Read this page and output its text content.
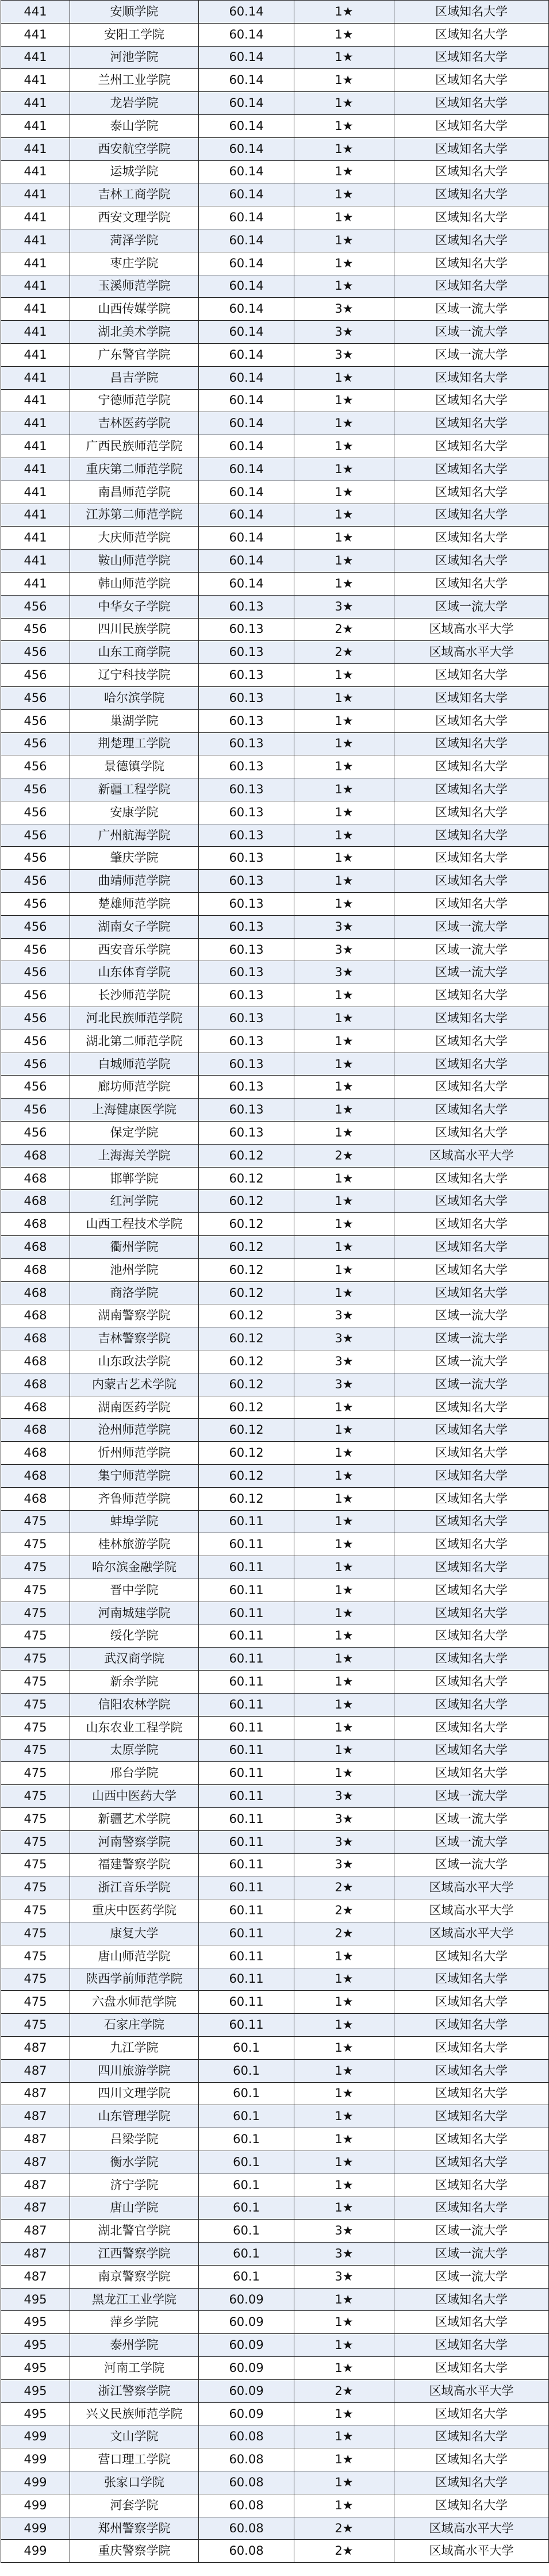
441	安顺学院	60.14	1★	区域知名大学
441	安阳工学院	60.14	1★	区域知名大学
441	河池学院	60.14	1★	区域知名大学
441	兰州工业学院	60.14	1★	区域知名大学
441	龙岩学院	60.14	1★	区域知名大学
441	泰山学院	60.14	1★	区域知名大学
441	西安航空学院	60.14	1★	区域知名大学
441	运城学院	60.14	1★	区域知名大学
441	吉林工商学院	60.14	1★	区域知名大学
441	西安文理学院	60.14	1★	区域知名大学
441	菏泽学院	60.14	1★	区域知名大学
441	枣庄学院	60.14	1★	区域知名大学
441	玉溪师范学院	60.14	1★	区域知名大学
441	山西传媒学院	60.14	3★	区域一流大学
441	湖北美术学院	60.14	3★	区域一流大学
441	广东警官学院	60.14	3★	区域一流大学
441	昌吉学院	60.14	1★	区域知名大学
441	宁德师范学院	60.14	1★	区域知名大学
441	吉林医药学院	60.14	1★	区域知名大学
441	广西民族师范学院	60.14	1★	区域知名大学
441	重庆第二师范学院	60.14	1★	区域知名大学
441	南昌师范学院	60.14	1★	区域知名大学
441	江苏第二师范学院	60.14	1★	区域知名大学
441	大庆师范学院	60.14	1★	区域知名大学
441	鞍山师范学院	60.14	1★	区域知名大学
441	韩山师范学院	60.14	1★	区域知名大学
456	中华女子学院	60.13	3★	区域一流大学
456	四川民族学院	60.13	2★	区域高水平大学
456	山东工商学院	60.13	2★	区域高水平大学
456	辽宁科技学院	60.13	1★	区域知名大学
456	哈尔滨学院	60.13	1★	区域知名大学
456	巢湖学院	60.13	1★	区域知名大学
456	荆楚理工学院	60.13	1★	区域知名大学
456	景德镇学院	60.13	1★	区域知名大学
456	新疆工程学院	60.13	1★	区域知名大学
456	安康学院	60.13	1★	区域知名大学
456	广州航海学院	60.13	1★	区域知名大学
456	肇庆学院	60.13	1★	区域知名大学
456	曲靖师范学院	60.13	1★	区域知名大学
456	楚雄师范学院	60.13	1★	区域知名大学
456	湖南女子学院	60.13	3★	区域一流大学
456	西安音乐学院	60.13	3★	区域一流大学
456	山东体育学院	60.13	3★	区域一流大学
456	长沙师范学院	60.13	1★	区域知名大学
456	河北民族师范学院	60.13	1★	区域知名大学
456	湖北第二师范学院	60.13	1★	区域知名大学
456	白城师范学院	60.13	1★	区域知名大学
456	廊坊师范学院	60.13	1★	区域知名大学
456	上海健康医学院	60.13	1★	区域知名大学
456	保定学院	60.13	1★	区域知名大学
468	上海海关学院	60.12	2★	区域高水平大学
468	邯郸学院	60.12	1★	区域知名大学
468	红河学院	60.12	1★	区域知名大学
468	山西工程技术学院	60.12	1★	区域知名大学
468	衢州学院	60.12	1★	区域知名大学
468	池州学院	60.12	1★	区域知名大学
468	商洛学院	60.12	1★	区域知名大学
468	湖南警察学院	60.12	3★	区域一流大学
468	吉林警察学院	60.12	3★	区域一流大学
468	山东政法学院	60.12	3★	区域一流大学
468	内蒙古艺术学院	60.12	3★	区域一流大学
468	湖南医药学院	60.12	1★	区域知名大学
468	沧州师范学院	60.12	1★	区域知名大学
468	忻州师范学院	60.12	1★	区域知名大学
468	集宁师范学院	60.12	1★	区域知名大学
468	齐鲁师范学院	60.12	1★	区域知名大学
475	蚌埠学院	60.11	1★	区域知名大学
475	桂林旅游学院	60.11	1★	区域知名大学
475	哈尔滨金融学院	60.11	1★	区域知名大学
475	晋中学院	60.11	1★	区域知名大学
475	河南城建学院	60.11	1★	区域知名大学
475	绥化学院	60.11	1★	区域知名大学
475	武汉商学院	60.11	1★	区域知名大学
475	新余学院	60.11	1★	区域知名大学
475	信阳农林学院	60.11	1★	区域知名大学
475	山东农业工程学院	60.11	1★	区域知名大学
475	太原学院	60.11	1★	区域知名大学
475	邢台学院	60.11	1★	区域知名大学
475	山西中医药大学	60.11	3★	区域一流大学
475	新疆艺术学院	60.11	3★	区域一流大学
475	河南警察学院	60.11	3★	区域一流大学
475	福建警察学院	60.11	3★	区域一流大学
475	浙江音乐学院	60.11	2★	区域高水平大学
475	重庆中医药学院	60.11	2★	区域高水平大学
475	康复大学	60.11	2★	区域高水平大学
475	唐山师范学院	60.11	1★	区域知名大学
475	陕西学前师范学院	60.11	1★	区域知名大学
475	六盘水师范学院	60.11	1★	区域知名大学
475	石家庄学院	60.11	1★	区域知名大学
487	九江学院	60.1	1★	区域知名大学
487	四川旅游学院	60.1	1★	区域知名大学
487	四川文理学院	60.1	1★	区域知名大学
487	山东管理学院	60.1	1★	区域知名大学
487	吕梁学院	60.1	1★	区域知名大学
487	衡水学院	60.1	1★	区域知名大学
487	济宁学院	60.1	1★	区域知名大学
487	唐山学院	60.1	1★	区域知名大学
487	湖北警官学院	60.1	3★	区域一流大学
487	江西警察学院	60.1	3★	区域一流大学
487	南京警察学院	60.1	3★	区域一流大学
495	黑龙江工业学院	60.09	1★	区域知名大学
495	萍乡学院	60.09	1★	区域知名大学
495	泰州学院	60.09	1★	区域知名大学
495	河南工学院	60.09	1★	区域知名大学
495	浙江警察学院	60.09	2★	区域高水平大学
495	兴义民族师范学院	60.09	1★	区域知名大学
499	文山学院	60.08	1★	区域知名大学
499	营口理工学院	60.08	1★	区域知名大学
499	张家口学院	60.08	1★	区域知名大学
499	河套学院	60.08	1★	区域知名大学
499	郑州警察学院	60.08	2★	区域高水平大学
499	重庆警察学院	60.08	2★	区域高水平大学
